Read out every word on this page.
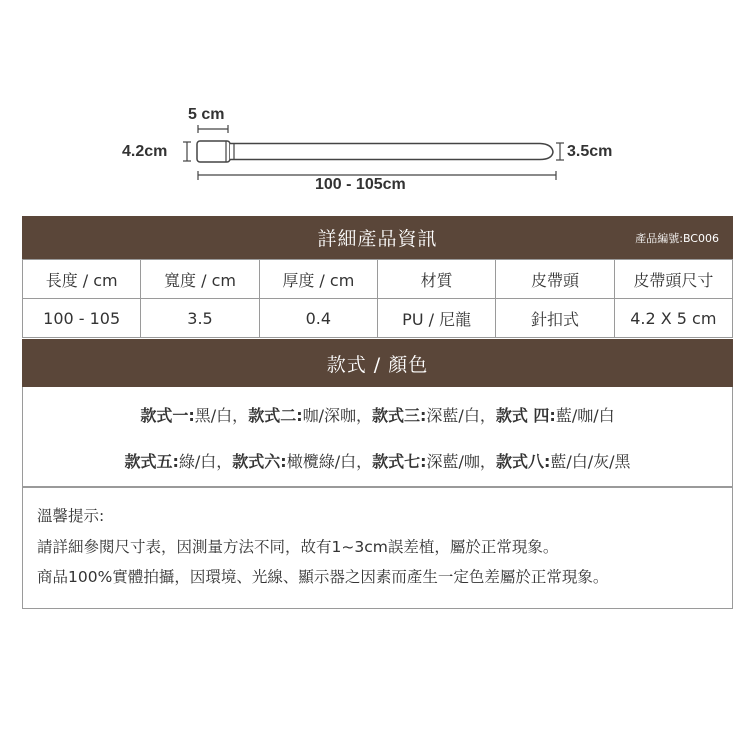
5 cm
4.2cm	3.5cm
100 - 105cm
詳細產品資訊	產品編號:BC006
長度 / cm	寬度 / cm	厚度 / cm	材質	皮帶頭	皮帶頭尺寸
100 - 105	3.5	0.4	PU / 尼龍	針扣式	4.2 X 5 cm
款式 / 顏色
款式一:黑/白，款式二:咖/深咖，款式三:深藍/白，款式 四:藍/咖/白
款式五:綠/白，款式六:橄欖綠/白，款式七:深藍/咖，款式八:藍/白/灰/黑
溫馨提示:
請詳細參閱尺寸表，因測量方法不同，故有1~3cm誤差植，屬於正常現象。
商品100%實體拍攝，因環境、光線、顯示器之因素而產生一定色差屬於正常現象。
